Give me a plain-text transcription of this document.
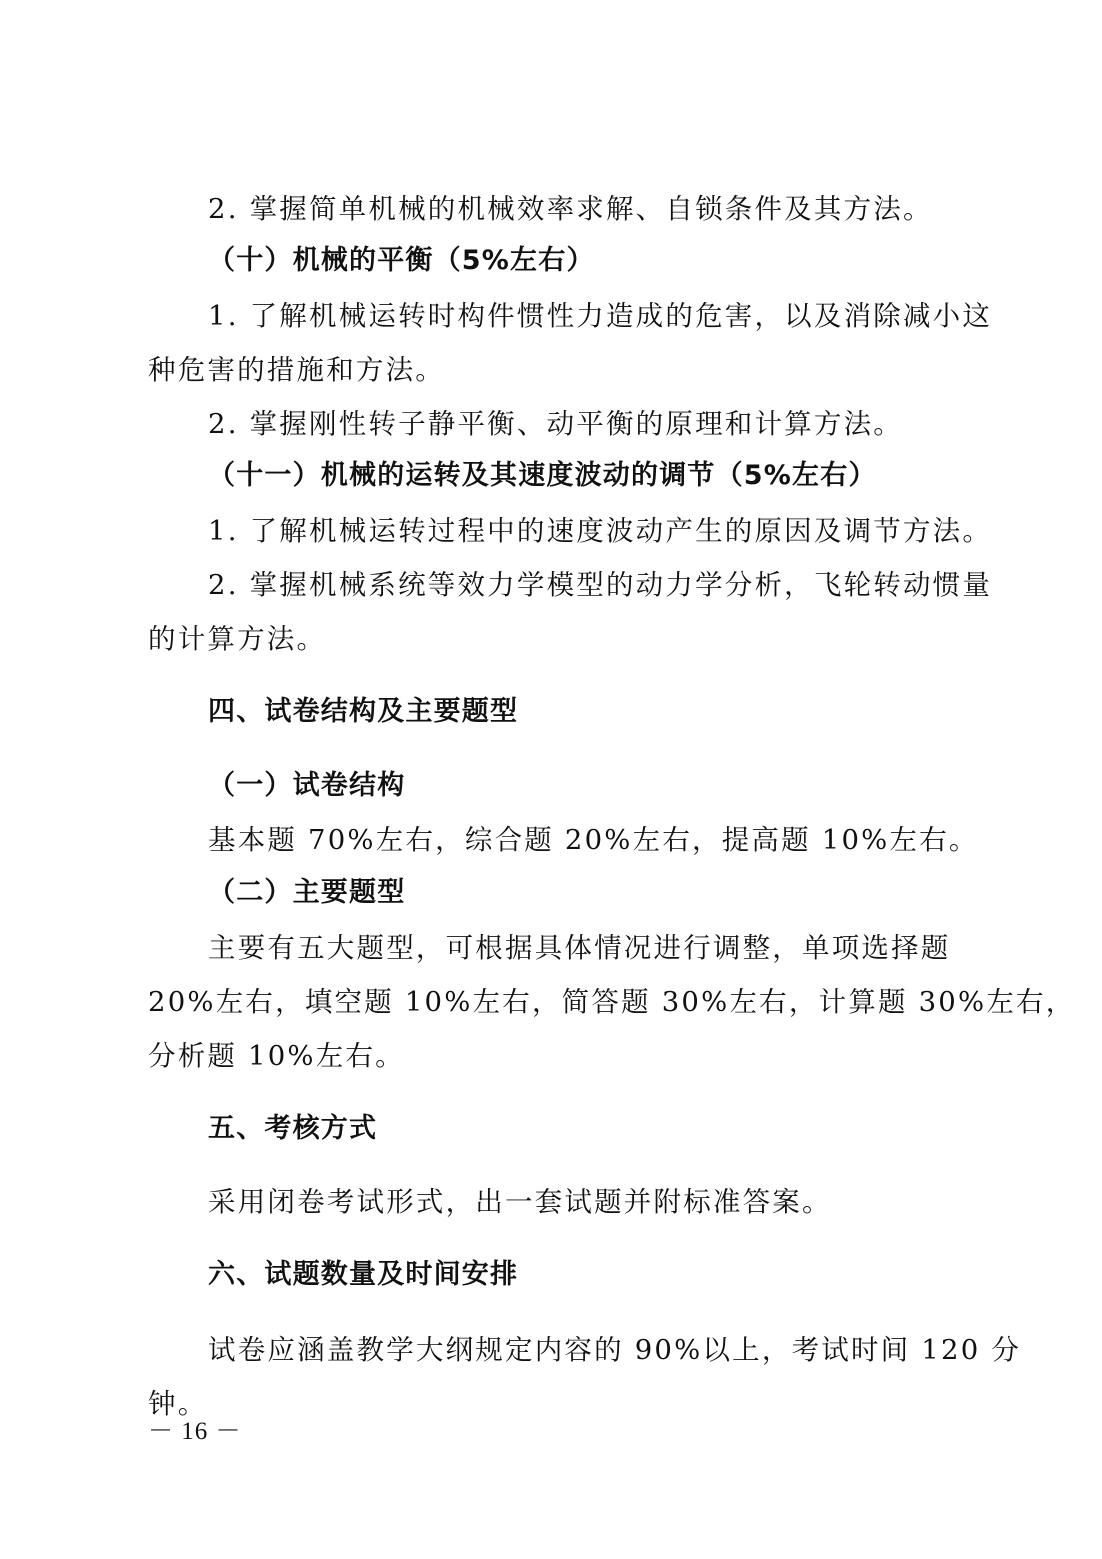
2. 掌握简单机械的机械效率求解、自锁条件及其方法。

（十）机械的平衡（5%左右）

1. 了解机械运转时构件惯性力造成的危害，以及消除减小这

种危害的措施和方法。

2. 掌握刚性转子静平衡、动平衡的原理和计算方法。

（十一）机械的运转及其速度波动的调节（5%左右）

1. 了解机械运转过程中的速度波动产生的原因及调节方法。

2. 掌握机械系统等效力学模型的动力学分析，飞轮转动惯量

的计算方法。

四、试卷结构及主要题型

（一）试卷结构

基本题 70%左右，综合题 20%左右，提高题 10%左右。

（二）主要题型

主要有五大题型，可根据具体情况进行调整，单项选择题

20%左右，填空题 10%左右，简答题 30%左右，计算题 30%左右，

分析题 10%左右。

五、考核方式

采用闭卷考试形式，出一套试题并附标准答案。

六、试题数量及时间安排

试卷应涵盖教学大纲规定内容的 90%以上，考试时间 120 分

钟。

－ 16 －
